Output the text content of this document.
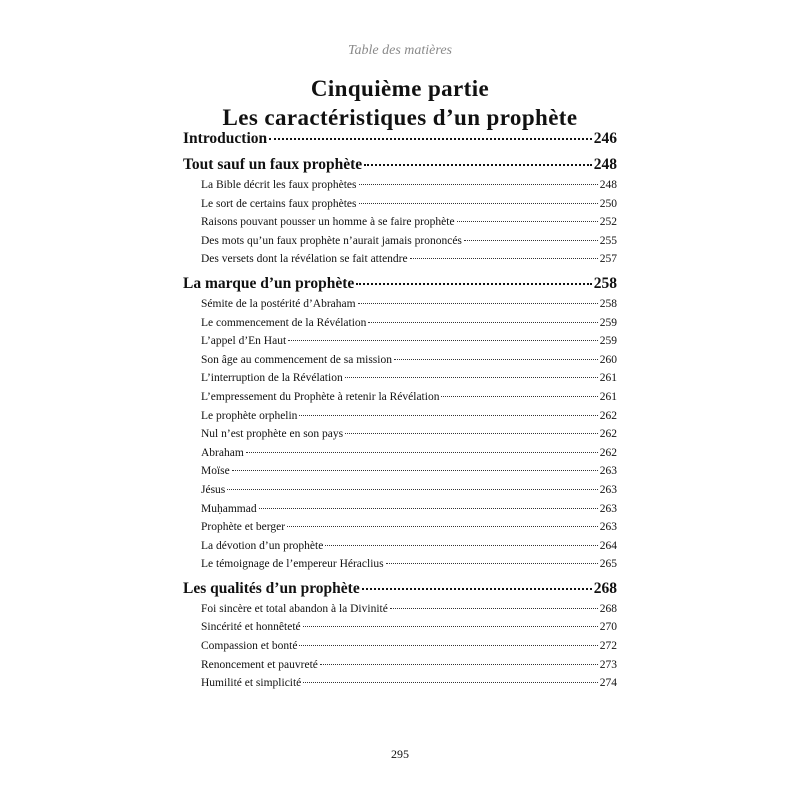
Table des matières
Cinquième partie
Les caractéristiques d’un prophète
Introduction	246
Tout sauf un faux prophète	248
La Bible décrit les faux prophètes	248
Le sort de certains faux prophètes	250
Raisons pouvant pousser un homme à se faire prophète	252
Des mots qu’un faux prophète n’aurait jamais prononcés	255
Des versets dont la révélation se fait attendre	257
La marque d’un prophète	258
Sémite de la postérité d’Abraham	258
Le commencement de la Révélation	259
L’appel d’En Haut	259
Son âge au commencement de sa mission	260
L’interruption de la Révélation	261
L’empressement du Prophète à retenir la Révélation	261
Le prophète orphelin	262
Nul n’est prophète en son pays	262
Abraham	262
Moïse	263
Jésus	263
Muḥammad	263
Prophète et berger	263
La dévotion d’un prophète	264
Le témoignage de l’empereur Héraclius	265
Les qualités d’un prophète	268
Foi sincère et total abandon à la Divinité	268
Sincérité et honnêteté	270
Compassion et bonté	272
Renoncement et pauvreté	273
Humilité et simplicité	274
295
